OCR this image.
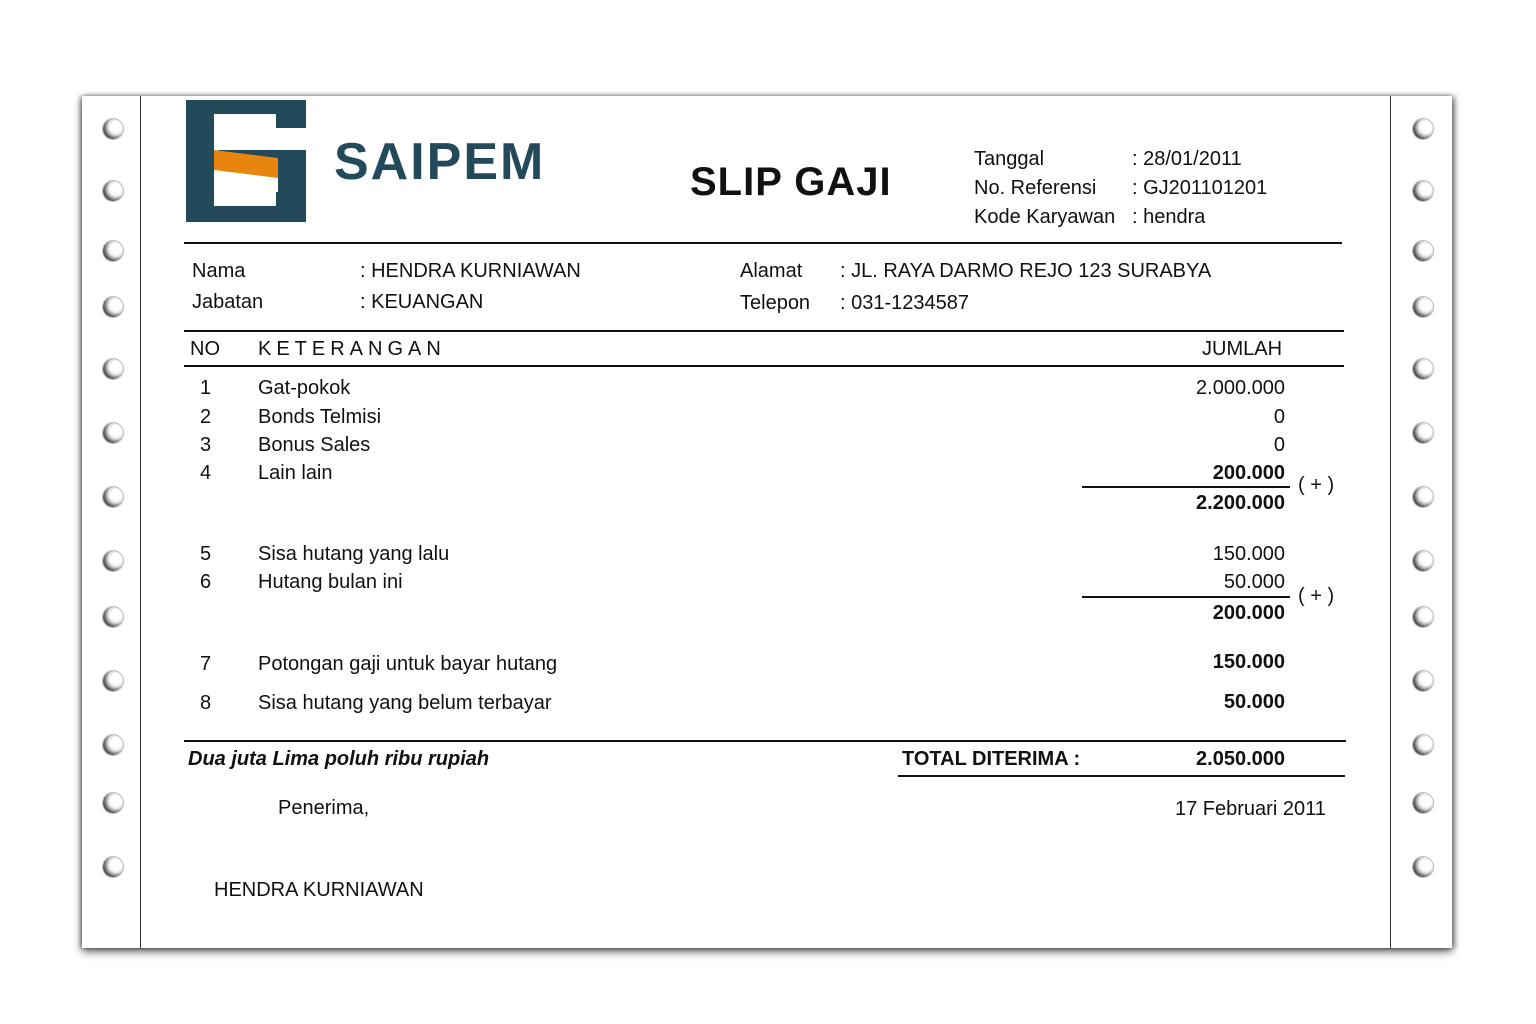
SAIPEM	SLIP GAJI
Tanggal	: 28/01/2011
No. Referensi : GJ201101201
Kode Karyawan : hendra
Nama	: HENDRA KURNIAWAN
Jabatan	: KEUANGAN
Alamat : JL. RAYA DARMO REJO 123 SURABYA
Telepon : 031-1234587
NO KETERANGAN	JUMLAH
1 Gat-pokok	2.000.000
2 Bonds Telmisi	0
3 Bonus Sales	0
4 Lain lain	200.000
( + )
2.200.000
5 Sisa hutang yang lalu	150.000
6 Hutang bulan ini	50.000
( + )
200.000
7 Potongan gaji untuk bayar hutang	150.000
8 Sisa hutang yang belum terbayar	50.000
Dua juta Lima poluh ribu rupiah	TOTAL DITERIMA :	2.050.000
Penerima,	17 Februari 2011
HENDRA KURNIAWAN
